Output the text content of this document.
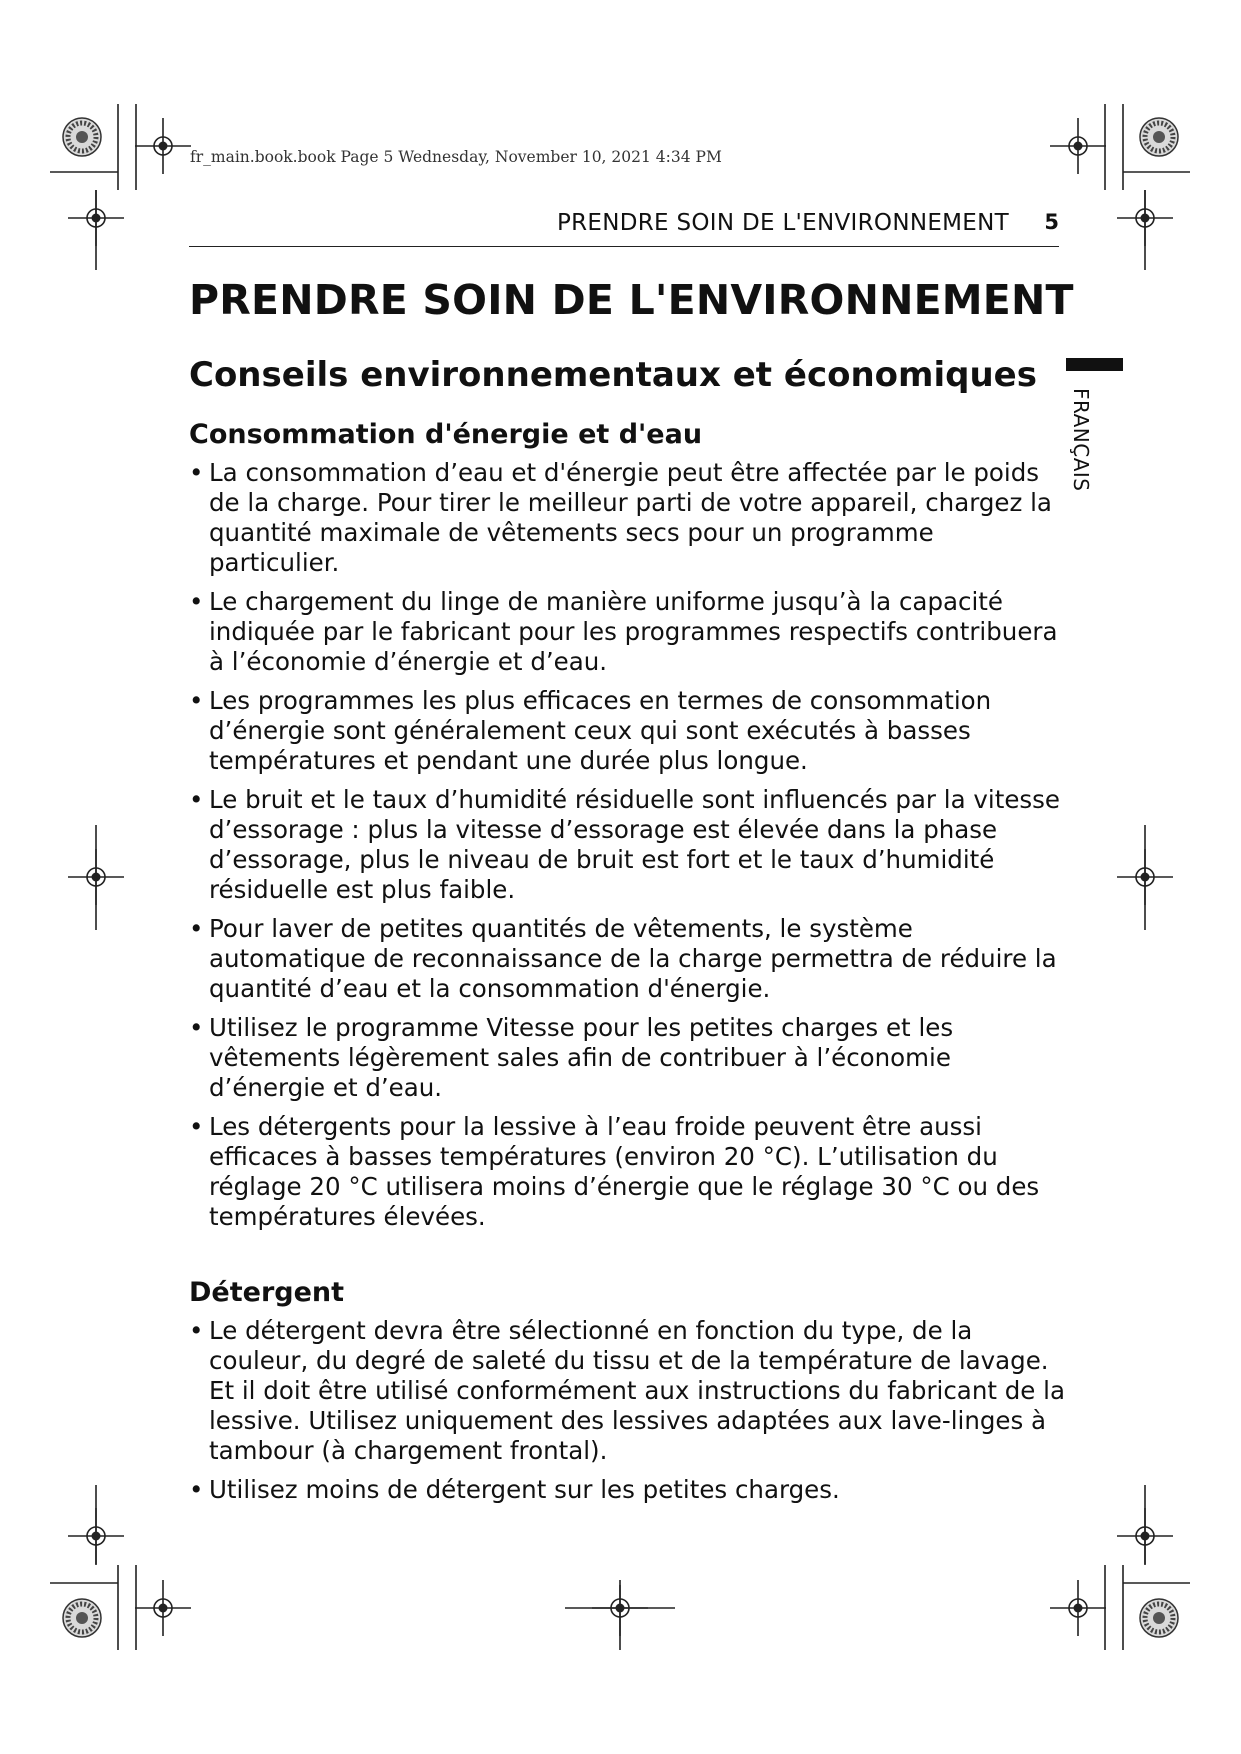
fr_main.book.book Page 5 Wednesday, November 10, 2021 4:34 PM
PRENDRE SOIN DE L'ENVIRONNEMENT 5
FRANÇAIS
PRENDRE SOIN DE L'ENVIRONNEMENT
Conseils environnementaux et économiques
Consommation d'énergie et d'eau
• La consommation d’eau et d'énergie peut être affectée par le poids de la charge. Pour tirer le meilleur parti de votre appareil, chargez la quantité maximale de vêtements secs pour un programme particulier.
• Le chargement du linge de manière uniforme jusqu’à la capacité indiquée par le fabricant pour les programmes respectifs contribuera à l’économie d’énergie et d’eau.
• Les programmes les plus efficaces en termes de consommation d’énergie sont généralement ceux qui sont exécutés à basses températures et pendant une durée plus longue.
• Le bruit et le taux d’humidité résiduelle sont influencés par la vitesse d’essorage : plus la vitesse d’essorage est élevée dans la phase d’essorage, plus le niveau de bruit est fort et le taux d’humidité résiduelle est plus faible.
• Pour laver de petites quantités de vêtements, le système automatique de reconnaissance de la charge permettra de réduire la quantité d’eau et la consommation d'énergie.
• Utilisez le programme Vitesse pour les petites charges et les vêtements légèrement sales afin de contribuer à l’économie d’énergie et d’eau.
• Les détergents pour la lessive à l’eau froide peuvent être aussi efficaces à basses températures (environ 20 °C). L’utilisation du réglage 20 °C utilisera moins d’énergie que le réglage 30 °C ou des températures élevées.
Détergent
• Le détergent devra être sélectionné en fonction du type, de la couleur, du degré de saleté du tissu et de la température de lavage. Et il doit être utilisé conformément aux instructions du fabricant de la lessive. Utilisez uniquement des lessives adaptées aux lave-linges à tambour (à chargement frontal).
• Utilisez moins de détergent sur les petites charges.
